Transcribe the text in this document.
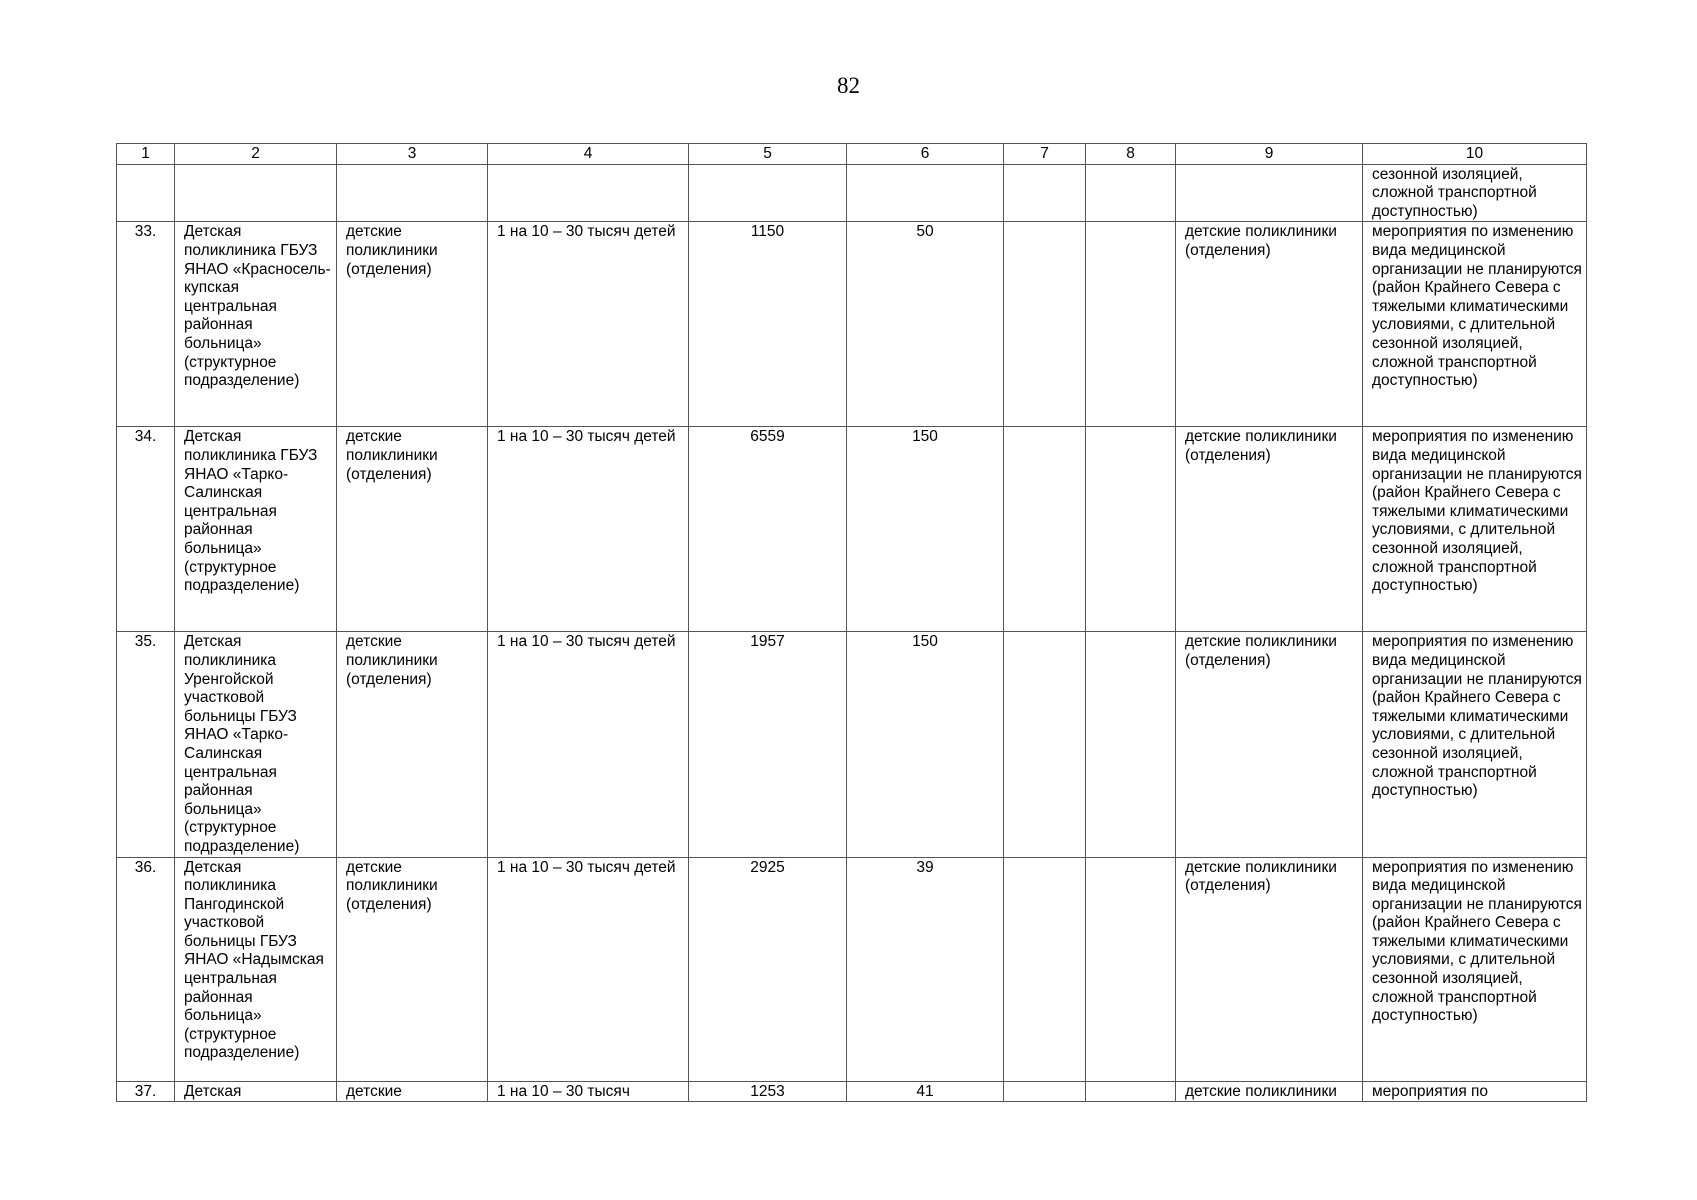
82
1	2	3	4	5	6	7	8	9	10
									сезонной изоляцией, сложной транспортной доступностью)
33.	Детская поликлиника ГБУЗ ЯНАО «Красносель-купская центральная районная больница» (структурное подразделение)	детские поликлиники (отделения)	1 на 10 – 30 тысяч детей	1150	50			детские поликлиники (отделения)	мероприятия по изменению вида медицинской организации не планируются (район Крайнего Севера с тяжелыми климатическими условиями, с длительной сезонной изоляцией, сложной транспортной доступностью)
34.	Детская поликлиника ГБУЗ ЯНАО «Тарко-Салинская центральная районная больница» (структурное подразделение)	детские поликлиники (отделения)	1 на 10 – 30 тысяч детей	6559	150			детские поликлиники (отделения)	мероприятия по изменению вида медицинской организации не планируются (район Крайнего Севера с тяжелыми климатическими условиями, с длительной сезонной изоляцией, сложной транспортной доступностью)
35.	Детская поликлиника Уренгойской участковой больницы ГБУЗ ЯНАО «Тарко-Салинская центральная районная больница» (структурное подразделение)	детские поликлиники (отделения)	1 на 10 – 30 тысяч детей	1957	150			детские поликлиники (отделения)	мероприятия по изменению вида медицинской организации не планируются (район Крайнего Севера с тяжелыми климатическими условиями, с длительной сезонной изоляцией, сложной транспортной доступностью)
36.	Детская поликлиника Пангодинской участковой больницы ГБУЗ ЯНАО «Надымская центральная районная больница» (структурное подразделение)	детские поликлиники (отделения)	1 на 10 – 30 тысяч детей	2925	39			детские поликлиники (отделения)	мероприятия по изменению вида медицинской организации не планируются (район Крайнего Севера с тяжелыми климатическими условиями, с длительной сезонной изоляцией, сложной транспортной доступностью)
37.	Детская	детские	1 на 10 – 30 тысяч	1253	41			детские поликлиники	мероприятия по
